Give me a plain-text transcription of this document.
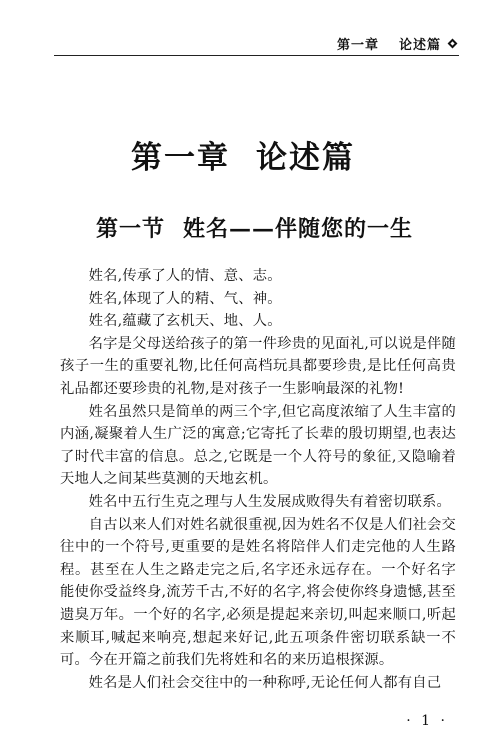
第一章 论述篇
第一章 论述篇
第一节 姓名——伴随您的一生

姓名,传承了人的情、意、志。

姓名,体现了人的精、气、神。

姓名,蕴藏了玄机天、地、人。

名字是父母送给孩子的第一件珍贵的见面礼,可以说是伴随孩子一生的重要礼物,比任何高档玩具都要珍贵,是比任何高贵礼品都还要珍贵的礼物,是对孩子一生影响最深的礼物!

姓名虽然只是简单的两三个字,但它高度浓缩了人生丰富的内涵,凝聚着人生广泛的寓意;它寄托了长辈的殷切期望,也表达了时代丰富的信息。总之,它既是一个人符号的象征,又隐喻着天地人之间某些莫测的天地玄机。

姓名中五行生克之理与人生发展成败得失有着密切联系。

自古以来人们对姓名就很重视,因为姓名不仅是人们社会交往中的一个符号,更重要的是姓名将陪伴人们走完他的人生路程。甚至在人生之路走完之后,名字还永远存在。一个好名字能使你受益终身,流芳千古,不好的名字,将会使你终身遗憾,甚至遗臭万年。一个好的名字,必须是提起来亲切,叫起来顺口,听起来顺耳,喊起来响亮,想起来好记,此五项条件密切联系缺一不可。今在开篇之前我们先将姓和名的来历追根探源。

姓名是人们社会交往中的一种称呼,无论任何人都有自己

· 1 ·
